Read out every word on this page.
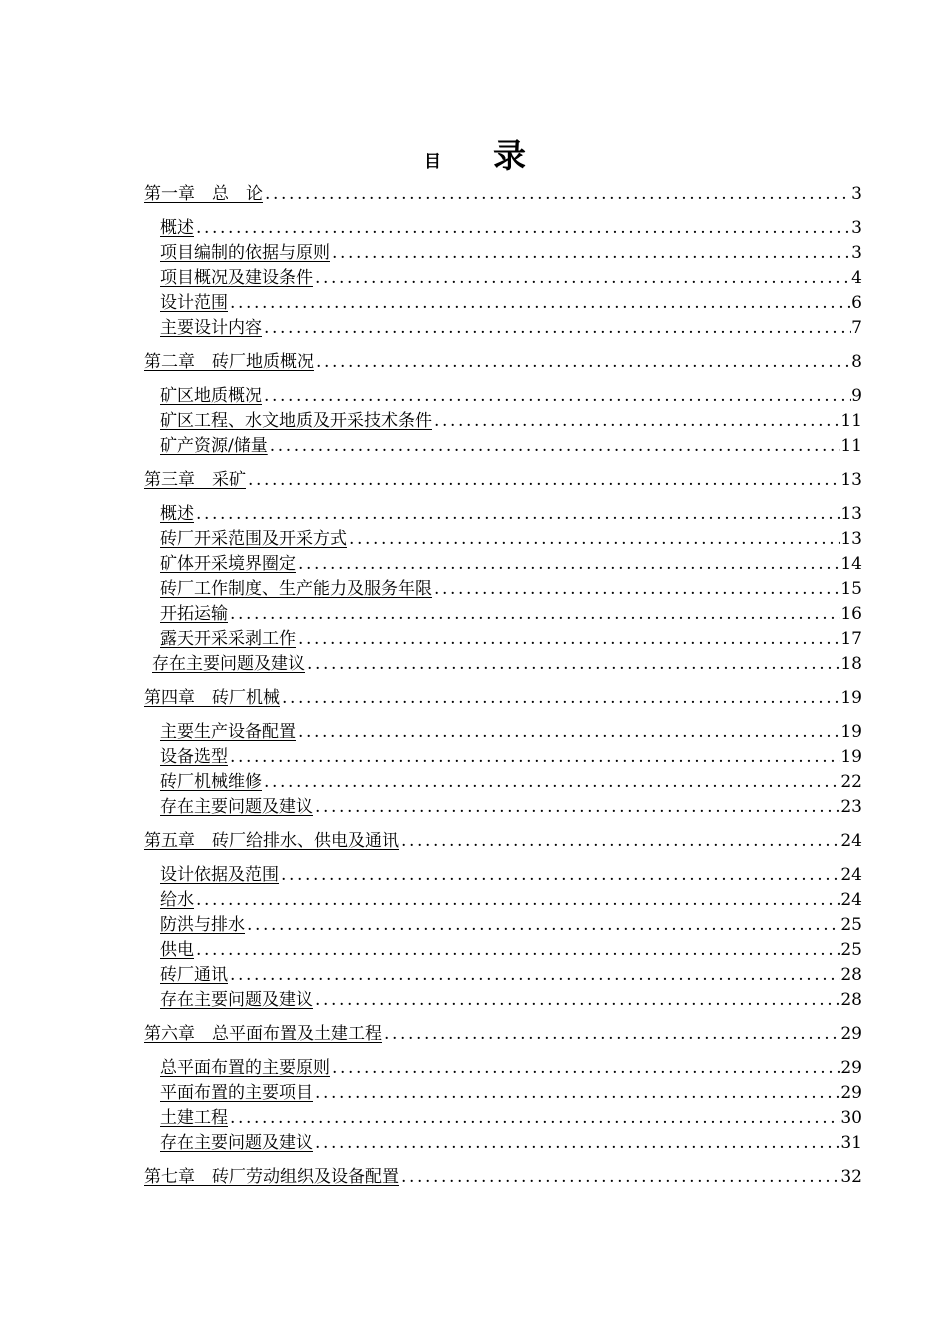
目 录
第一章　总　论 .....	3
概述 .....	3
项目编制的依据与原则 .....	3
项目概况及建设条件 .....	4
设计范围 .....	6
主要设计内容 .....	7
第二章　砖厂地质概况 .....	8
矿区地质概况 .....	9
矿区工程、水文地质及开采技术条件 .....	11
矿产资源/储量 .....	11
第三章　采矿 .....	13
概述 .....	13
砖厂开采范围及开采方式 .....	13
矿体开采境界圈定 .....	14
砖厂工作制度、生产能力及服务年限 .....	15
开拓运输 .....	16
露天开采采剥工作 .....	17
存在主要问题及建议 .....	18
第四章　砖厂机械 .....	19
主要生产设备配置 .....	19
设备选型 .....	19
砖厂机械维修 .....	22
存在主要问题及建议 .....	23
第五章　砖厂给排水、供电及通讯 .....	24
设计依据及范围 .....	24
给水 .....	24
防洪与排水 .....	25
供电 .....	25
砖厂通讯 .....	28
存在主要问题及建议 .....	28
第六章　总平面布置及土建工程 .....	29
总平面布置的主要原则 .....	29
平面布置的主要项目 .....	29
土建工程 .....	30
存在主要问题及建议 .....	31
第七章　砖厂劳动组织及设备配置 .....	32
